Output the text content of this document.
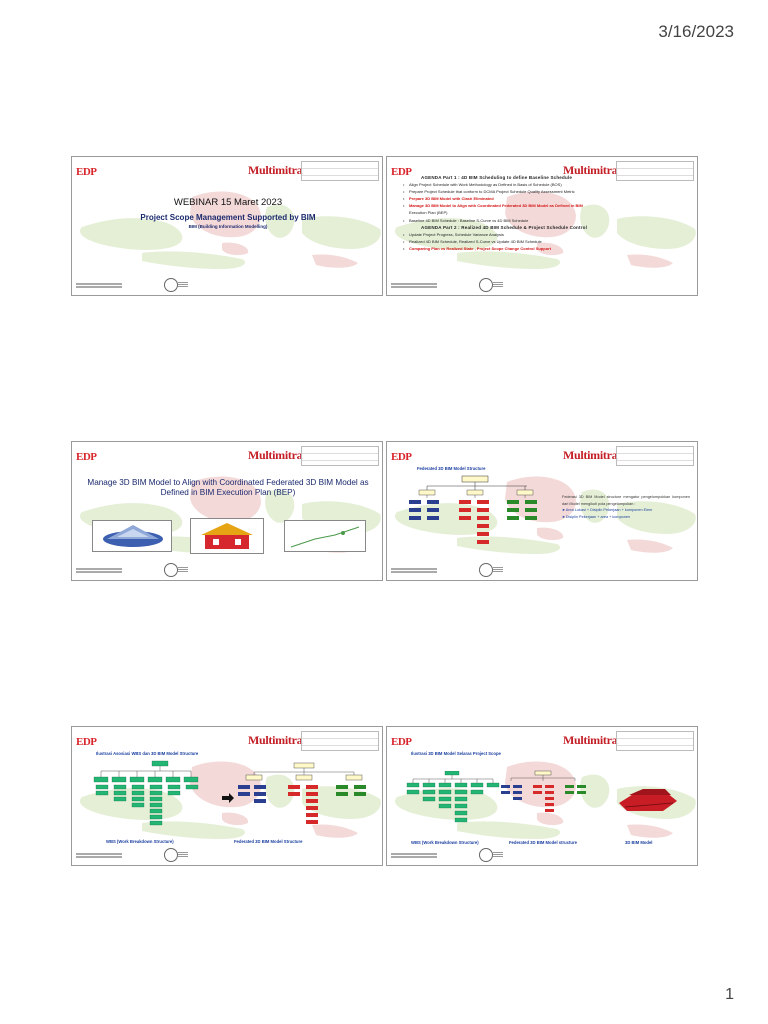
3/16/2023
EDP	Multimitra
WEBINAR 15 Maret 2023
Project Scope Management Supported by BIM
BIM (Building Information Modelling)
EDP	Multimitra
AGENDA Part 1 : 4D BIM Scheduling to define Baseline Schedule
• Align Project Schedule with Work Methodology as Defined in Basis of Schedule (BOS)
• Prepare Project Schedule that conform to DCMA Project Schedule Quality Assessment Metric
• Prepare 3D BIM Model with Clash Eliminated
• Manage 3D BIM Model to Align with Coordinated Federated 3D BIM Model as Defined in BIM
Execution Plan (BEP)
• Baseline 4D BIM Schedule : Baseline S-Curve vs 4D BIM Schedule
AGENDA Part 2 : Realized 4D BIM Schedule & Project Schedule Control
• Update Project Progress, Schedule Variance Analysis
• Realized 4D BIM Schedule, Realized S-Curve vs Update 4D BIM Schedule
• Comparing Plan vs Realized State , Project Scope Change Control Support
EDP	Multimitra
Manage 3D BIM Model to Align with Coordinated Federated 3D BIM Model as Defined in BIM Execution Plan (BEP)
EDP	Multimitra
Federated 3D BIM Model Structure
Federasi 3D BIM Model structure mengatur pengelompokkan komponen dari Model mengikuti pola pengelompokan :
►Area Lokasi + Disiplin Pekerjaan + komponen Elem
►Disiplin Pekerjaan + area + komponen
EDP	Multimitra
Ilustrasi Asosiasi WBS dan 3D BIM Model Structure
WBS (Work Breakdown Structure)	Federated 3D BIM Model Structure
EDP	Multimitra
Ilustrasi 3D BIM Model Selaras Project Scope
WBS (Work Breakdown Structure)	Federated 3D BIM Model structure	3D BIM Model
1
